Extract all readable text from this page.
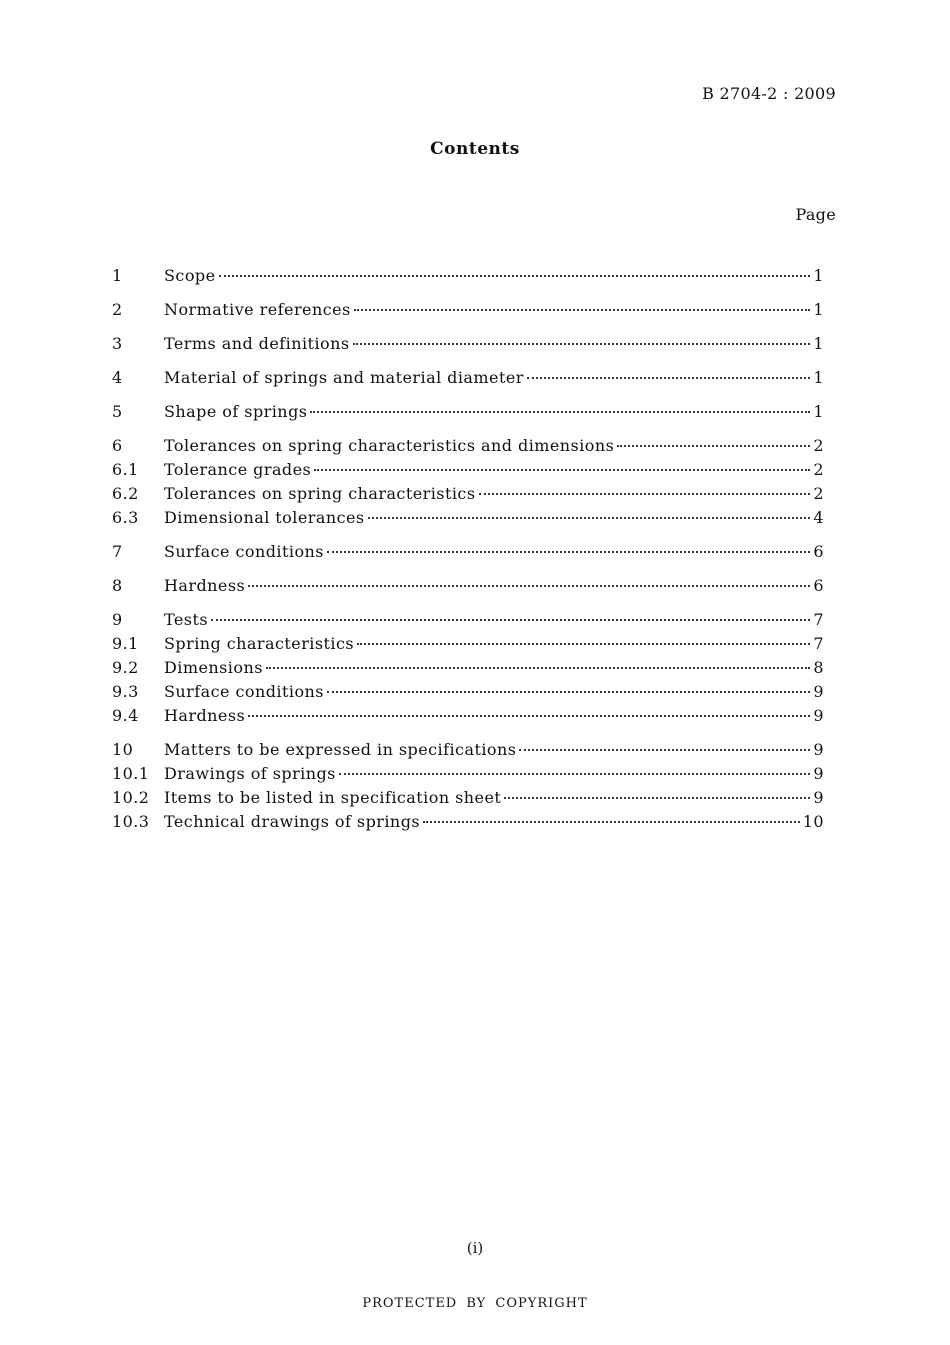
B 2704-2 : 2009
Contents
Page
1	Scope	1
2	Normative references	1
3	Terms and definitions	1
4	Material of springs and material diameter	1
5	Shape of springs	1
6	Tolerances on spring characteristics and dimensions	2
6.1	Tolerance grades	2
6.2	Tolerances on spring characteristics	2
6.3	Dimensional tolerances	4
7	Surface conditions	6
8	Hardness	6
9	Tests	7
9.1	Spring characteristics	7
9.2	Dimensions	8
9.3	Surface conditions	9
9.4	Hardness	9
10	Matters to be expressed in specifications	9
10.1 Drawings of springs	9
10.2 Items to be listed in specification sheet	9
10.3 Technical drawings of springs	10
(i)
PROTECTED BY COPYRIGHT
